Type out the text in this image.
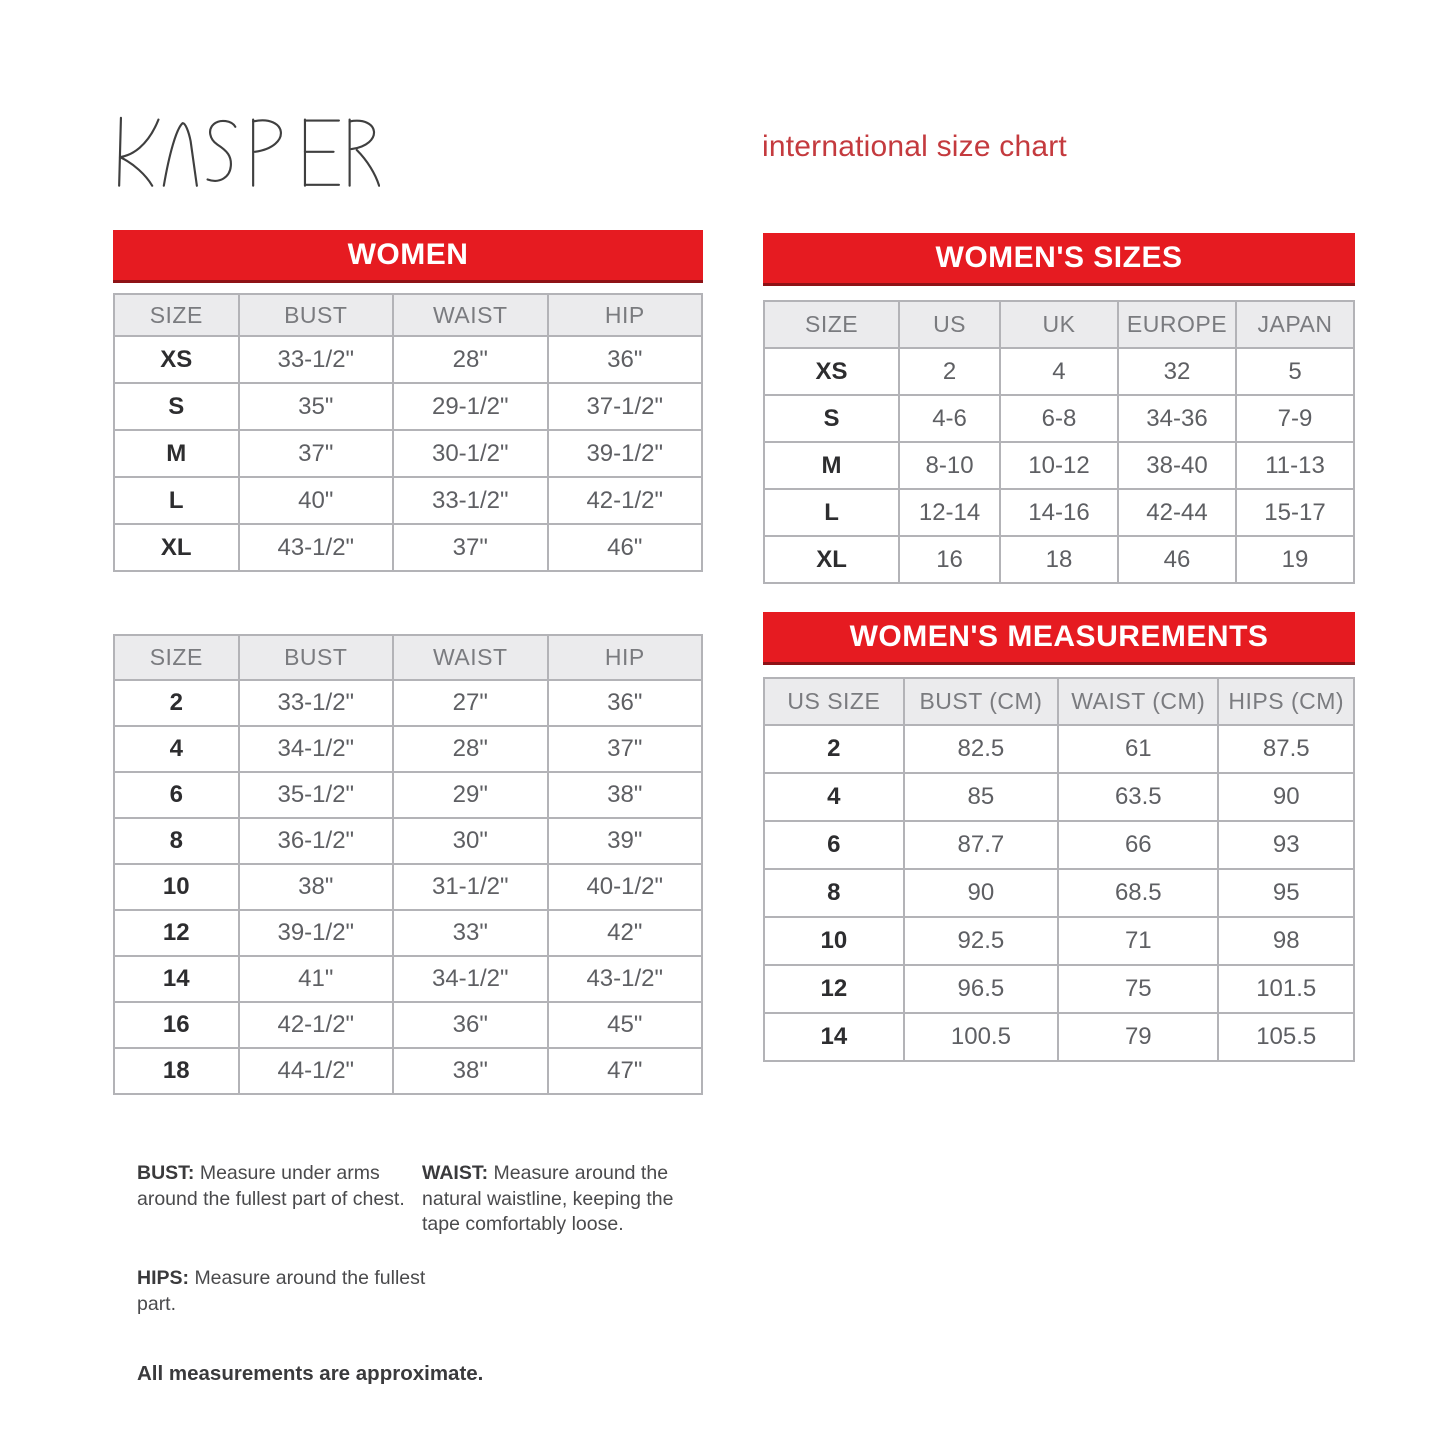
international size chart
WOMEN
SIZE	BUST	WAIST	HIP
XS	33-1/2"	28"	36"
S	35"	29-1/2"	37-1/2"
M	37"	30-1/2"	39-1/2"
L	40"	33-1/2"	42-1/2"
XL	43-1/2"	37"	46"
SIZE	BUST	WAIST	HIP
2	33-1/2"	27"	36"
4	34-1/2"	28"	37"
6	35-1/2"	29"	38"
8	36-1/2"	30"	39"
10	38"	31-1/2"	40-1/2"
12	39-1/2"	33"	42"
14	41"	34-1/2"	43-1/2"
16	42-1/2"	36"	45"
18	44-1/2"	38"	47"

BUST: Measure under arms around the fullest part of chest.

WAIST: Measure around the natural waistline, keeping the tape comfortably loose.

HIPS: Measure around the fullest part.

All measurements are approximate.

WOMEN'S SIZES
SIZE	US	UK	EUROPE	JAPAN
XS	2	4	32	5
S	4-6	6-8	34-36	7-9
M	8-10	10-12	38-40	11-13
L	12-14	14-16	42-44	15-17
XL	16	18	46	19
WOMEN'S MEASUREMENTS
US SIZE	BUST (CM)	WAIST (CM)	HIPS (CM)
2	82.5	61	87.5
4	85	63.5	90
6	87.7	66	93
8	90	68.5	95
10	92.5	71	98
12	96.5	75	101.5
14	100.5	79	105.5
